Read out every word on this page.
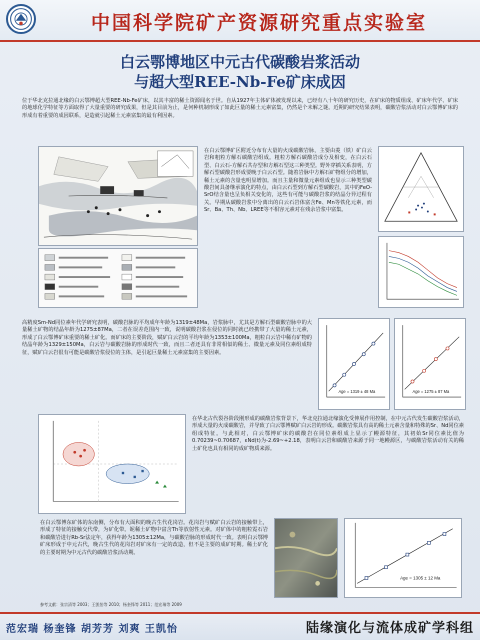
中国科学院矿产资源研究重点实验室
白云鄂博地区中元古代碳酸岩浆活动
与超大型REE-Nb-Fe矿床成因
位于华北克拉通北缘的白云鄂博超大型REE-Nb-Fe矿床，以其丰富的稀土资源闻名于世。自从1927年主体矿体被发现以来，已经有八十年的研究历史，在矿床的物质组成、矿床年代学、矿床的地球化学特征等方面取得了大量重要的研究成果，但是其目前为止，是何种机制形成了如此巨量的稀土元素富集，仍然是个未解之谜。近期的研究结果表明，碳酸岩浆活动对白云鄂博矿床的形成有着重要的成因联系，是造就引起稀土元素富集的最有利因素。
在白云鄂博矿区附近分布有大量的火成碳酸岩脉，主要由菱（铁）矿白云岩和粗粒方解石碳酸岩组成。粗粒方解石碳酸岩成分及相变，在白云石型、白云石-方解石共存型和方解石型这三种类型。野外穿插关系表明，方解石型碳酸岩形成要晚于白云石型。随着岩脉中方解石矿物组分的增加，稀土元素的含量也明显增加。而且主量和微量元素组成也显示三种类型碳酸岩间具备继承演化的特点，由白云石型到方解石型碳酸岩，其中的FeO-SrO结含量也呈负相关变化的，这些有可能与碳酸岩浆的结晶分异过程有关。早期从碳酸岩浆中分离出的白云石岩体富含Fe、Mn等铁化元素，而Sr、Ba、Th、Nb、LREE等不相容元素对在残余岩浆中富集。
高精度Sm-Nd同位素年代学研究表明，碳酸岩脉的平均成年年龄为1319±48Ma，岩浆脉中，尤其是方解石型碳酸岩脉中的大量稀土矿物的结晶年龄为1275±87Ma，二者在误差范围内一致，说明碳酸岩浆在侵位的同时就已经携带了大量的稀土元素，形成了白云鄂博矿床重要的稀土矿化。而矿床的主要阶段，赋矿白云岩的平均年龄为1353±100Ma，粗粒白云岩中稀有矿物的结晶年龄为1329±150Ma，白云岩与碳酸岩脉的形成时代一致，而且二者还具有非常相似的稀土、微量元素及同位素组成特征，赋矿白云岩很有可能是碳酸岩浆侵位的主体，是引起巨量稀土元素富集的主要因素。
Age = 1319 ± 48 Ma	Age = 1275 ± 87 Ma
在华北古代裂谷阶段刚形成的碳酸岩浆背景下，华北克拉通北缘演化受伸展作用控制，在中元古代发生碳酸岩浆活动，形成大量的火成碳酸岩，并导致了白云鄂博赋矿白云岩的形成。碳酸岩浆具有高的稀土元素含量和特殊的Sr、Nd同位素组成特征。与此相对，白云鄂博矿床的碳酸岩在同位素组成上显示了幔源特征，其初始Sr同位素比值为0.70239~0.70687，εNd(t)为-2.69~+2.18，表明白云岩和碳酸岩来源于同一地幔源区，与碳酸岩浆活动有关的稀土矿化也具有相同的成矿物质来源。
在白云鄂博东矿体的东南侧，分布有大面积的晚古生代花岗岩。花岗岩与赋矿白云岩的接触带上，形成了特征的接触交代带，为矿化带。铌稀土矿物中富含Th等放射性元素。对矿体中的粗粒霓石岩和碳酸岩进行Rb-Sr法定年，获得年龄为1305±12Ma，与碳酸岩脉的形成时代一致。表明白云鄂博矿床形成于中元古代，晚古生代的花岗岩对矿床有一定的改造，但不是主要的成矿时期。稀土矿化的主要时期为中元古代的碳酸岩浆活动期。
Age = 1305 ± 12 Ma
参考文献：张宗清等 2003；王凯怡等 2010；杨奎锋等 2011；范宏瑞等 2009
范宏瑞 杨奎锋 胡芳芳 刘爽 王凯怡	陆缘演化与流体成矿学科组
